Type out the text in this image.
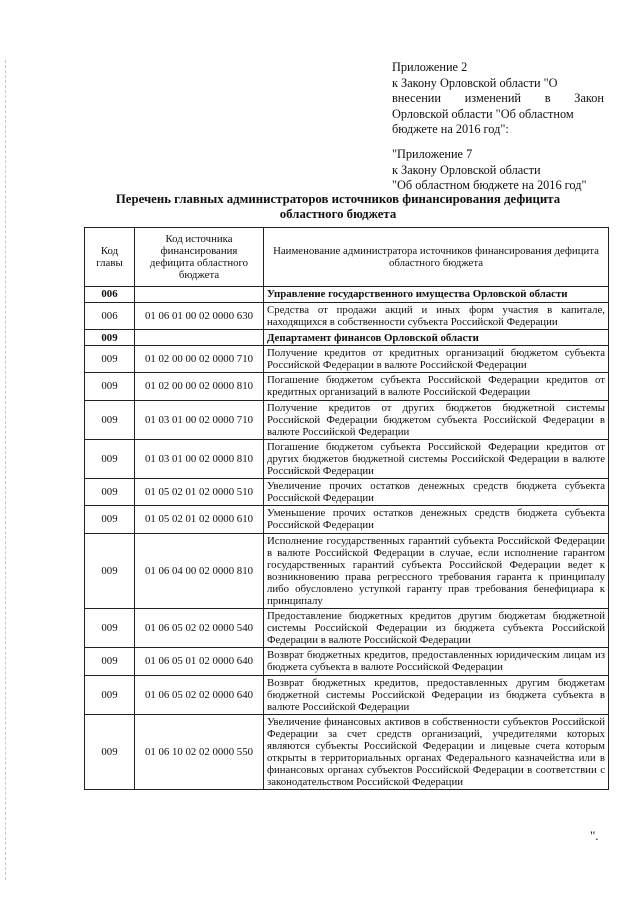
Приложение 2
к Закону Орловской области "О
внесении изменений в Закон
Орловской области "Об областном
бюджете на 2016 год":
"Приложение 7
к Закону Орловской области
"Об областном бюджете на 2016 год"
Перечень главных администраторов источников финансирования дефицита
областного бюджета
Код главы	Код источника финансирования дефицита областного бюджета	Наименование администратора источников финансирования дефицита областного бюджета
006		Управление государственного имущества Орловской области
006	01 06 01 00 02 0000 630	Средства от продажи акций и иных форм участия в капитале, находящихся в собственности субъекта Российской Федерации
009		Департамент финансов Орловской области
009	01 02 00 00 02 0000 710	Получение кредитов от кредитных организаций бюджетом субъекта Российской Федерации в валюте Российской Федерации
009	01 02 00 00 02 0000 810	Погашение бюджетом субъекта Российской Федерации кредитов от кредитных организаций в валюте Российской Федерации
009	01 03 01 00 02 0000 710	Получение кредитов от других бюджетов бюджетной системы Российской Федерации бюджетом субъекта Российской Федерации в валюте Российской Федерации
009	01 03 01 00 02 0000 810	Погашение бюджетом субъекта Российской Федерации кредитов от других бюджетов бюджетной системы Российской Федерации в валюте Российской Федерации
009	01 05 02 01 02 0000 510	Увеличение прочих остатков денежных средств бюджета субъекта Российской Федерации
009	01 05 02 01 02 0000 610	Уменьшение прочих остатков денежных средств бюджета субъекта Российской Федерации
009	01 06 04 00 02 0000 810	Исполнение государственных гарантий субъекта Российской Федерации в валюте Российской Федерации в случае, если исполнение гарантом государственных гарантий субъекта Российской Федерации ведет к возникновению права регрессного требования гаранта к принципалу либо обусловлено уступкой гаранту прав требования бенефициара к принципалу
009	01 06 05 02 02 0000 540	Предоставление бюджетных кредитов другим бюджетам бюджетной системы Российской Федерации из бюджета субъекта Российской Федерации в валюте Российской Федерации
009	01 06 05 01 02 0000 640	Возврат бюджетных кредитов, предоставленных юридическим лицам из бюджета субъекта в валюте Российской Федерации
009	01 06 05 02 02 0000 640	Возврат бюджетных кредитов, предоставленных другим бюджетам бюджетной системы Российской Федерации из бюджета субъекта в валюте Российской Федерации
009	01 06 10 02 02 0000 550	Увеличение финансовых активов в собственности субъектов Российской Федерации за счет средств организаций, учредителями которых являются субъекты Российской Федерации и лицевые счета которым открыты в территориальных органах Федерального казначейства или в финансовых органах субъектов Российской Федерации в соответствии с законодательством Российской Федерации
".
